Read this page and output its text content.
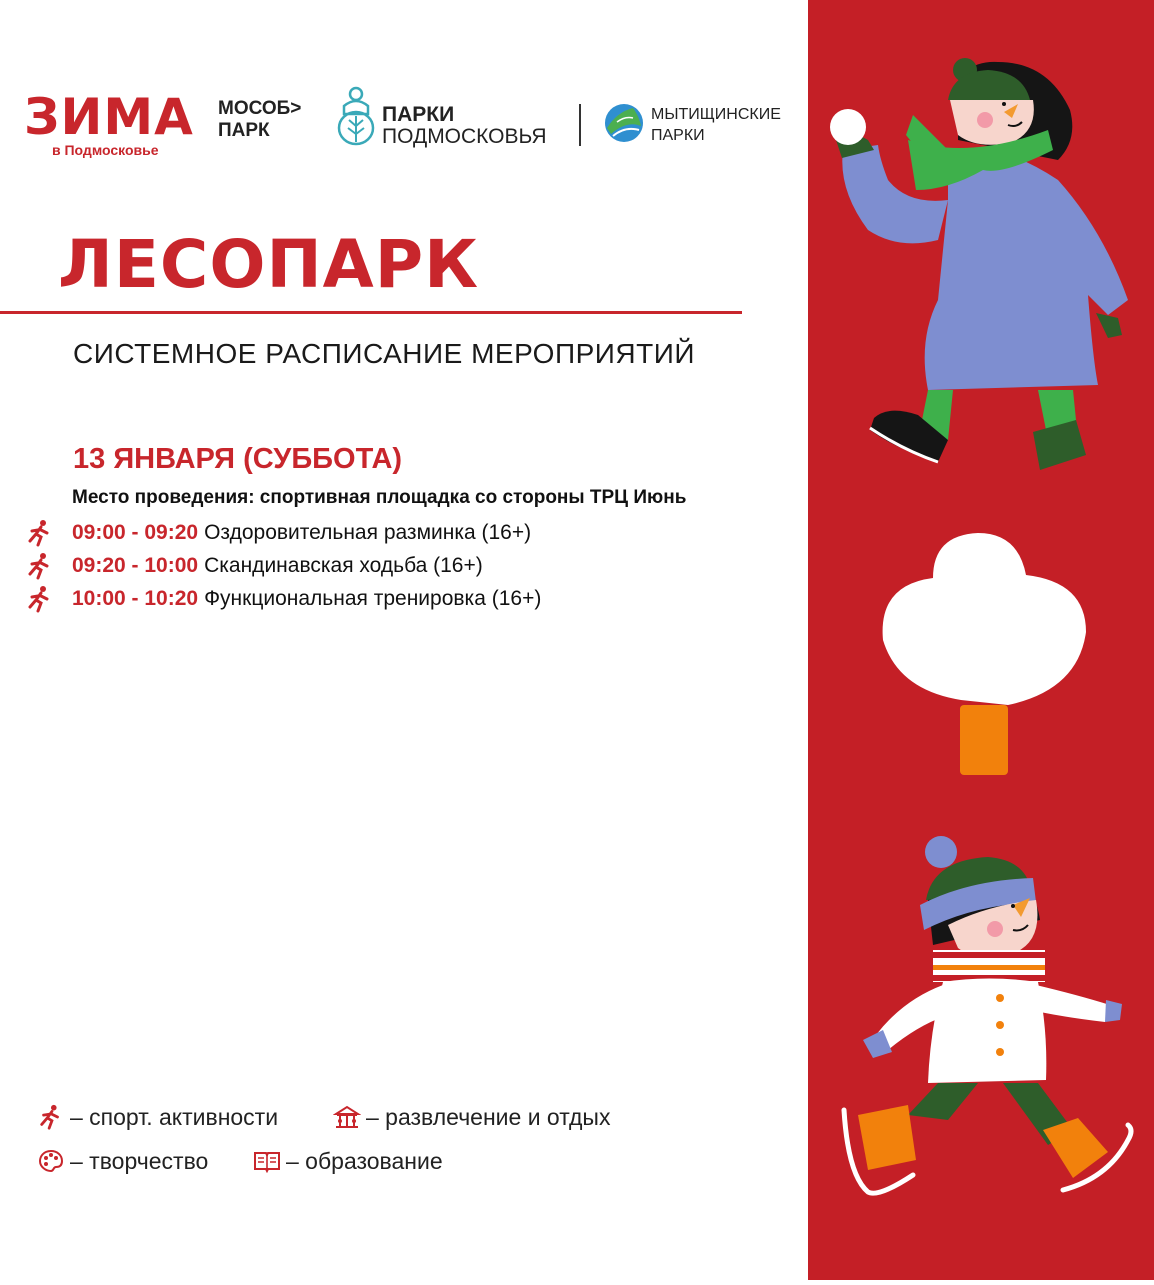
ЗИМА
в Подмосковье
МОСОБ>
ПАРК
ПАРКИ
ПОДМОСКОВЬЯ
МЫТИЩИНСКИЕ
ПАРКИ
ЛЕСОПАРК
СИСТЕМНОЕ РАСПИСАНИЕ МЕРОПРИЯТИЙ
13 ЯНВАРЯ (СУББОТА)
Место проведения: спортивная площадка со стороны ТРЦ Июнь
09:00 - 09:20 Оздоровительная разминка (16+)
09:20 - 10:00 Скандинавская ходьба (16+)
10:00 - 10:20 Функциональная тренировка (16+)
– спорт. активности	– развлечение и отдых
– творчество	– образование
